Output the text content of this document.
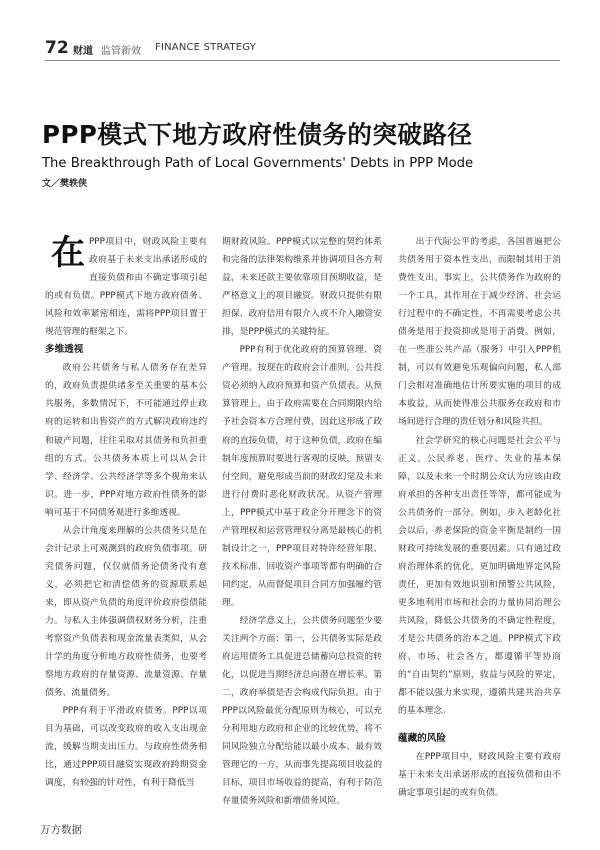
72 财道 监管新效 FINANCE STRATEGY
PPP模式下地方政府性债务的突破路径
The Breakthrough Path of Local Governments' Debts in PPP Mode
文／樊轶侠
在 PPP项目中，财政风险主要有政府基于未来支出承诺形成的直接负债和由不确定事项引起的或有负债。PPP模式下地方政府债务、风险和效率紧密相连，需将PPP项目置于规范管理的框架之下。

多维透视

政府公共债务与私人债务存在差异的，政府负责提供诸多至关重要的基本公共服务，多数情况下，不可能通过停止政府的运转和出售资产的方式解决政府违约和破产问题，往往采取对其债务和负担重组的方式。公共债务本质上可以从会计学、经济学、公共经济学等多个视角来认识。进一步，PPP对地方政府性债务的影响可基于不同债务观进行多维透视。

从会计角度来理解的公共债务只是在会计记录上可观测到的政府负债事项。研究债务问题，仅仅就债务论债务没有意义，必须把它和清偿债务的资源联系起来，即从资产负债的角度评价政府偿债能力。与私人主体强调债权财务分析，注重考察资产负债表和现金流量表类似，从会计学的角度分析地方政府性债务，也要考察地方政府的存量资源、流量资源、存量债务、流量债务。

PPP有利于平滑政府债务。PPP以项目为基础，可以改变政府的收入支出现金流，缓解当期支出压力。与政府性债务相比，通过PPP项目融资实现政府跨期资金调度，有较强的针对性，有利于降低当

期财政风险。PPP模式以完整的契约体系和完备的法律架构维系并协调项目各方利益，未来还款主要依靠项目预期收益，是严格意义上的项目融资。财政只提供有限担保、政府信用有限介入或不介入融资安排，是PPP模式的关键特征。

PPP有利于优化政府的预算管理、资产管理。按现在的政府会计准则，公共投资必须纳入政府预算和资产负债表。从预算管理上，由于政府需要在合同期限内给予社会资本方合理付费，因此这形成了政府的直接负债，对于这种负债，政府在编制年度预算时要进行客观的反映，预留支付空间，避免形成当前的财政幻觉及未来进行付费时恶化财政状况。从资产管理上，PPP模式中基于政企分开理念下的资产管理权和运营管理权分离是最核心的机制设计之一，PPP项目对特许经营年限、技术标准、回收资产事项等都有明确的合同约定，从而督促项目合同方加强履约管理。

经济学意义上，公共债务问题至少要关注两个方面：第一，公共债务实际是政府运用债务工具促进总储蓄向总投资的转化，以促进当期经济总向潜在增长率。第二，政府举债是否会构成代际负担。由于PPP以风险最优分配原则为核心，可以充分利用地方政府和企业的比较优势，将不同风险独立分配给能以最小成本、最有效管理它的一方，从而事先提高项目收益的目标，项目市场收益的提高，有利于防范存量债务风险和新增债务风险。

出于代际公平的考虑，各国普遍把公共债务用于资本性支出，而限制其用于消费性支出。事实上，公共债务作为政府的一个工具，其作用在于减少经济、社会运行过程中的不确定性，不再需要考虑公共债务是用于投资抑或是用于消费。例如，在一些准公共产品（服务）中引入PPP机制，可以有效避免乐观偏向问题，私人部门会相对准确地估计所要实施的项目的成本收益，从而使得准公共服务在政府和市场间进行合理的责任划分和风险共担。

社会学研究的核心问题是社会公平与正义。公民养老、医疗、失业的基本保障，以及未来一个时期公众认为应该由政府承担的各种支出责任等等，都可能成为公共债务的一部分。例如，步入老龄化社会以后，养老保险的资金平衡是制约一国财政可持续发展的重要因素。只有通过政府治理体系的优化，更加明确地界定风险责任，更加有效地识别和预警公共风险，更多地利用市场和社会的力量协同治理公共风险，降低公共债务的不确定性程度，才是公共债务的治本之道。PPP模式下政府、市场、社会各方，都遵循平等协商的“自由契约”原则，收益与风险的界定，都不能以强力来实现，遵循共建共治共享的基本理念。

蕴藏的风险

在PPP项目中，财政风险主要有政府基于未来支出承诺形成的直接负债和由不确定事项引起的或有负债。

万方数据
